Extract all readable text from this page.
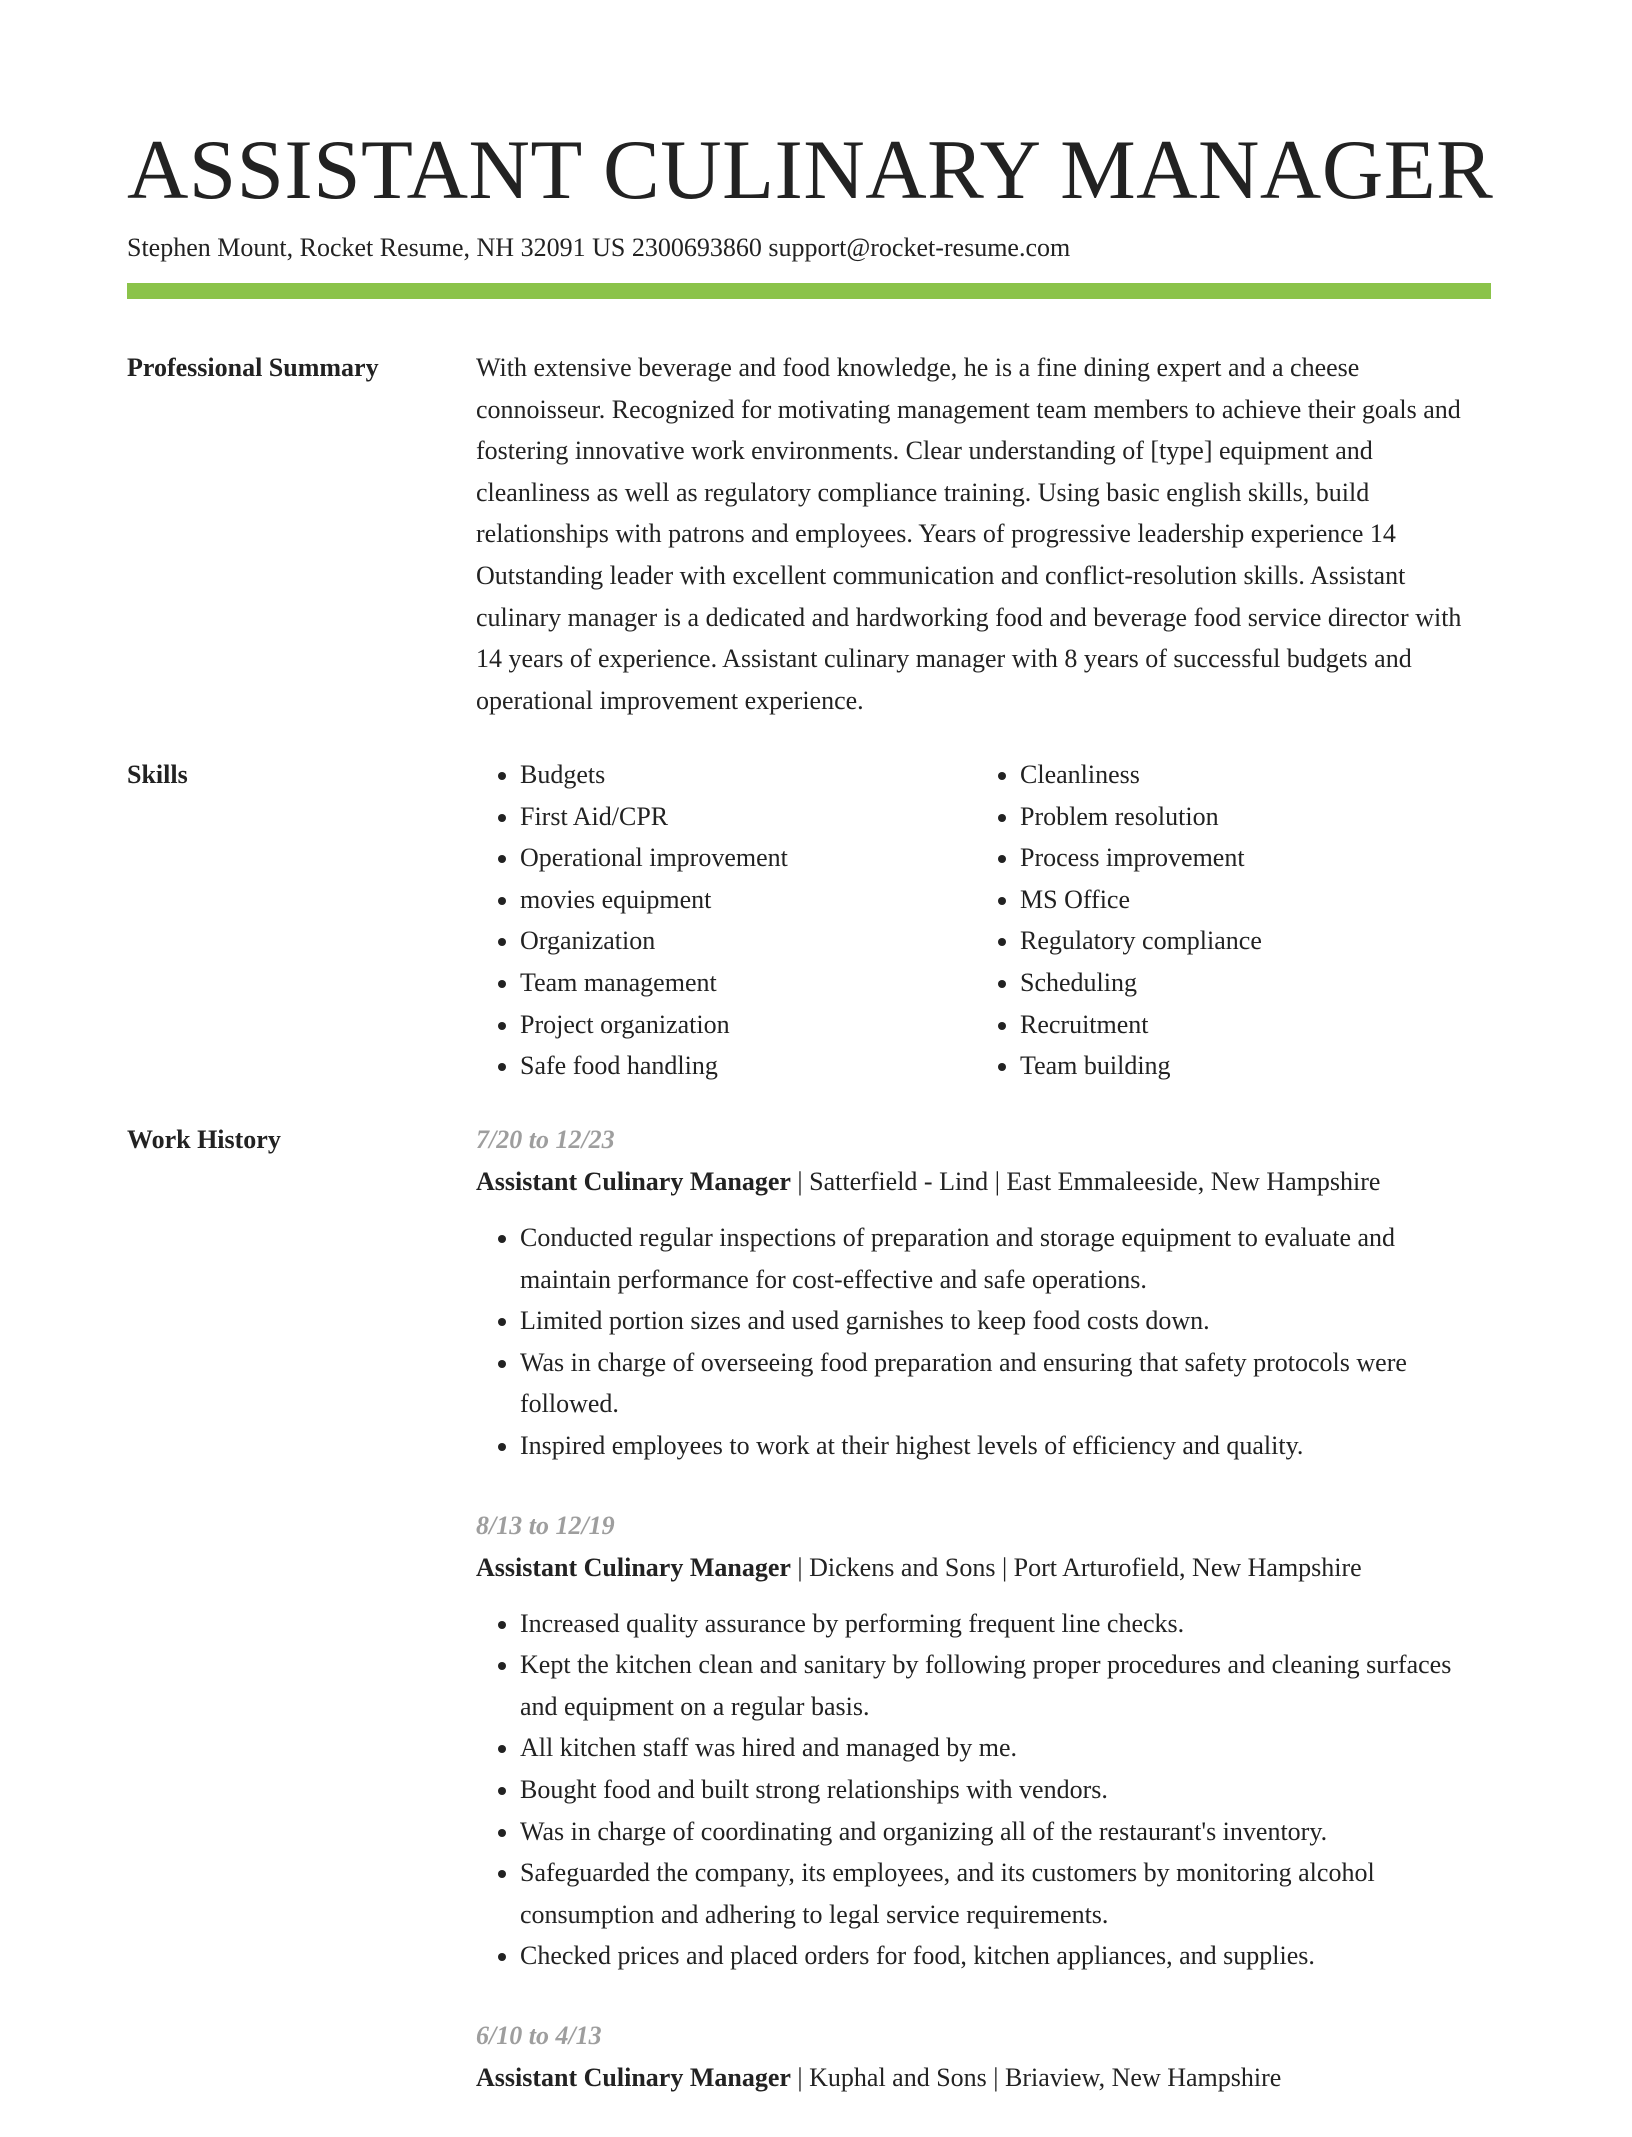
ASSISTANT CULINARY MANAGER
Stephen Mount, Rocket Resume, NH 32091 US 2300693860 support@rocket-resume.com
Professional Summary	With extensive beverage and food knowledge, he is a fine dining expert and a cheese connoisseur. Recognized for motivating management team members to achieve their goals and fostering innovative work environments. Clear understanding of [type] equipment and cleanliness as well as regulatory compliance training. Using basic english skills, build relationships with patrons and employees. Years of progressive leadership experience 14 Outstanding leader with excellent communication and conflict-resolution skills. Assistant culinary manager is a dedicated and hardworking food and beverage food service director with 14 years of experience. Assistant culinary manager with 8 years of successful budgets and operational improvement experience.

Skills	• Budgets
• First Aid/CPR
• Operational improvement
• movies equipment
• Organization
• Team management
• Project organization
• Safe food handling
• Cleanliness
• Problem resolution
• Process improvement
• MS Office
• Regulatory compliance
• Scheduling
• Recruitment
• Team building
Work History	7/20 to 12/23
Assistant Culinary Manager | Satterfield - Lind | East Emmaleeside, New Hampshire
• Conducted regular inspections of preparation and storage equipment to evaluate and maintain performance for cost-effective and safe operations.
• Limited portion sizes and used garnishes to keep food costs down.
• Was in charge of overseeing food preparation and ensuring that safety protocols were followed.
• Inspired employees to work at their highest levels of efficiency and quality.
8/13 to 12/19
Assistant Culinary Manager | Dickens and Sons | Port Arturofield, New Hampshire
• Increased quality assurance by performing frequent line checks.
• Kept the kitchen clean and sanitary by following proper procedures and cleaning surfaces and equipment on a regular basis.
• All kitchen staff was hired and managed by me.
• Bought food and built strong relationships with vendors.
• Was in charge of coordinating and organizing all of the restaurant's inventory.
• Safeguarded the company, its employees, and its customers by monitoring alcohol consumption and adhering to legal service requirements.
• Checked prices and placed orders for food, kitchen appliances, and supplies.
6/10 to 4/13
Assistant Culinary Manager | Kuphal and Sons | Briaview, New Hampshire
